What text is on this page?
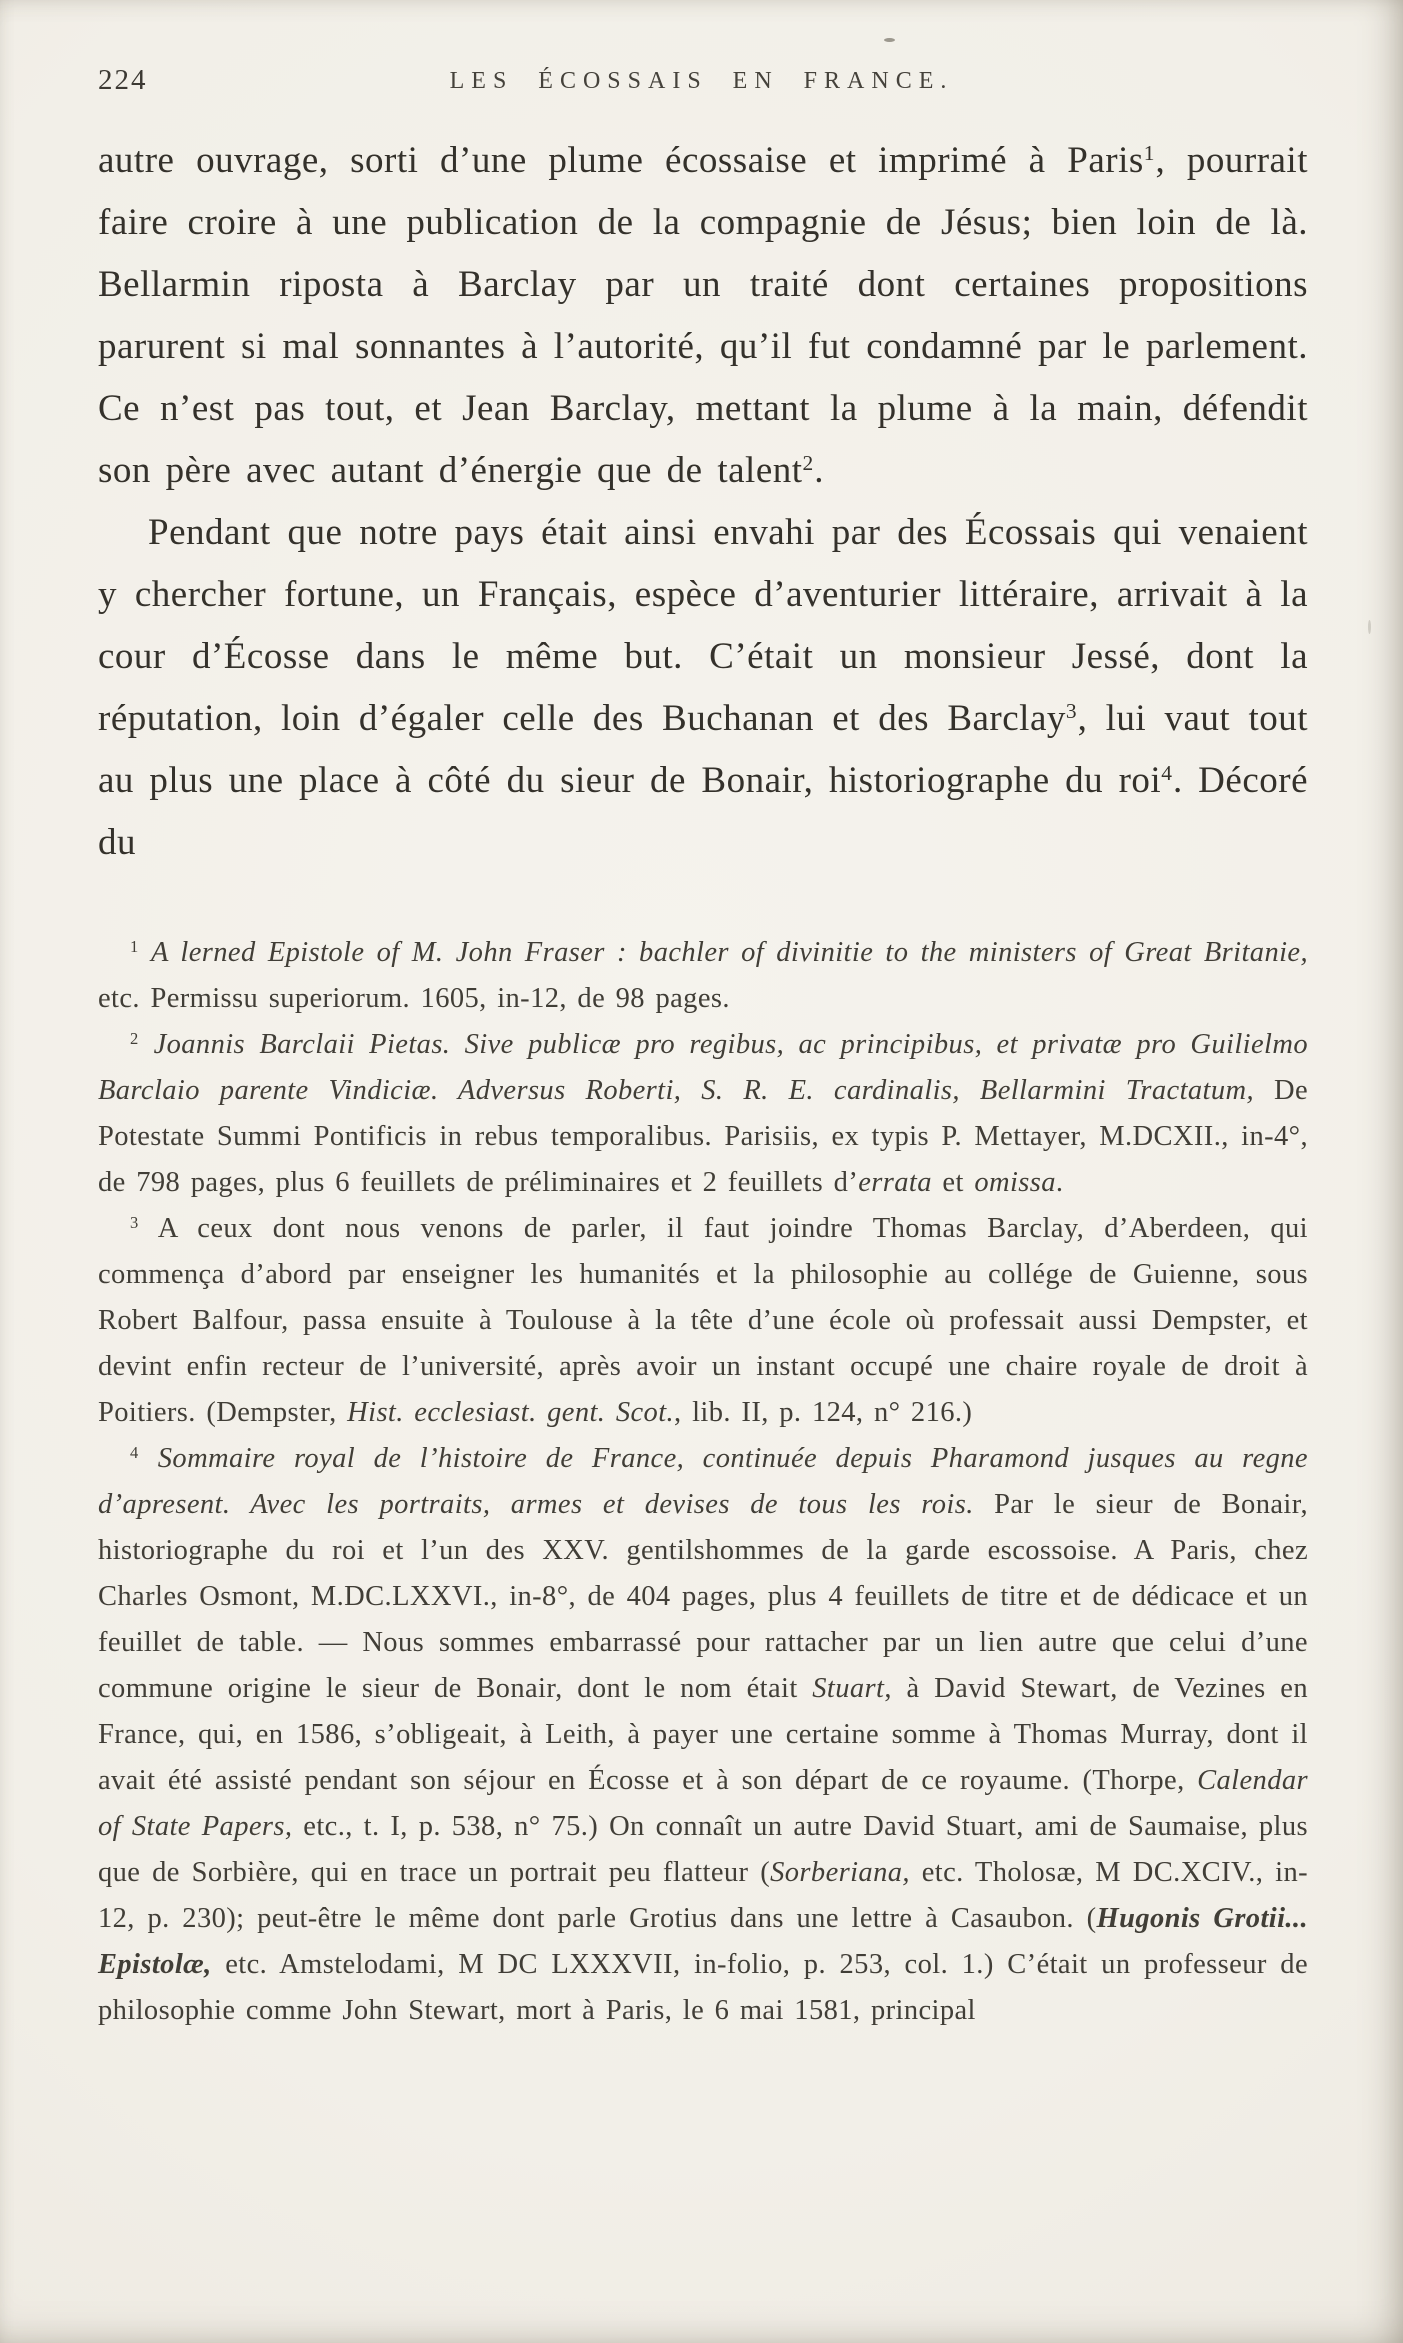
224	LES ÉCOSSAIS EN FRANCE.

autre ouvrage, sorti d’une plume écossaise et imprimé à Paris$^1$, pourrait faire croire à une publication de la compagnie de Jésus; bien loin de là. Bellarmin riposta à Barclay par un traité dont certaines propositions parurent si mal sonnantes à l’autorité, qu’il fut condamné par le parlement. Ce n’est pas tout, et Jean Barclay, mettant la plume à la main, défendit son père avec autant d’énergie que de talent$^2$.

Pendant que notre pays était ainsi envahi par des Écossais qui venaient y chercher fortune, un Français, espèce d’aventurier littéraire, arrivait à la cour d’Écosse dans le même but. C’était un monsieur Jessé, dont la réputation, loin d’égaler celle des Buchanan et des Barclay$^3$, lui vaut tout au plus une place à côté du sieur de Bonair, historiographe du roi$^4$. Décoré du

$^1$ A lerned Epistole of M. John Fraser : bachler of divinitie to the ministers of Great Britanie, etc. Permissu superiorum. 1605, in-12, de 98 pages.

$^2$ Joannis Barclaii Pietas. Sive publicæ pro regibus, ac principibus, et privatæ pro Guilielmo Barclaio parente Vindiciæ. Adversus Roberti, S. R. E. cardinalis, Bellarmini Tractatum, De Potestate Summi Pontificis in rebus temporalibus. Parisiis, ex typis P. Mettayer, M.DCXII., in-4°, de 798 pages, plus 6 feuillets de préliminaires et 2 feuillets d’errata et omissa.

$^3$ A ceux dont nous venons de parler, il faut joindre Thomas Barclay, d’Aberdeen, qui commença d’abord par enseigner les humanités et la philosophie au collége de Guienne, sous Robert Balfour, passa ensuite à Toulouse à la tête d’une école où professait aussi Dempster, et devint enfin recteur de l’université, après avoir un instant occupé une chaire royale de droit à Poitiers. (Dempster, Hist. ecclesiast. gent. Scot., lib. II, p. 124, n° 216.)

$^4$ Sommaire royal de l’histoire de France, continuée depuis Pharamond jusques au regne d’apresent. Avec les portraits, armes et devises de tous les rois. Par le sieur de Bonair, historiographe du roi et l’un des XXV. gentilshommes de la garde escossoise. A Paris, chez Charles Osmont, M.DC.LXXVI., in-8°, de 404 pages, plus 4 feuillets de titre et de dédicace et un feuillet de table. — Nous sommes embarrassé pour rattacher par un lien autre que celui d’une commune origine le sieur de Bonair, dont le nom était Stuart, à David Stewart, de Vezines en France, qui, en 1586, s’obligeait, à Leith, à payer une certaine somme à Thomas Murray, dont il avait été assisté pendant son séjour en Écosse et à son départ de ce royaume. (Thorpe, Calendar of State Papers, etc., t. I, p. 538, n° 75.) On connaît un autre David Stuart, ami de Saumaise, plus que de Sorbière, qui en trace un portrait peu flatteur (Sorberiana, etc. Tholosæ, M DC.XCIV., in-12, p. 230); peut-être le même dont parle Grotius dans une lettre à Casaubon. (Hugonis Grotii... Epistolæ, etc. Amstelodami, M DC LXXXVII, in-folio, p. 253, col. 1.) C’était un professeur de philosophie comme John Stewart, mort à Paris, le 6 mai 1581, principal
